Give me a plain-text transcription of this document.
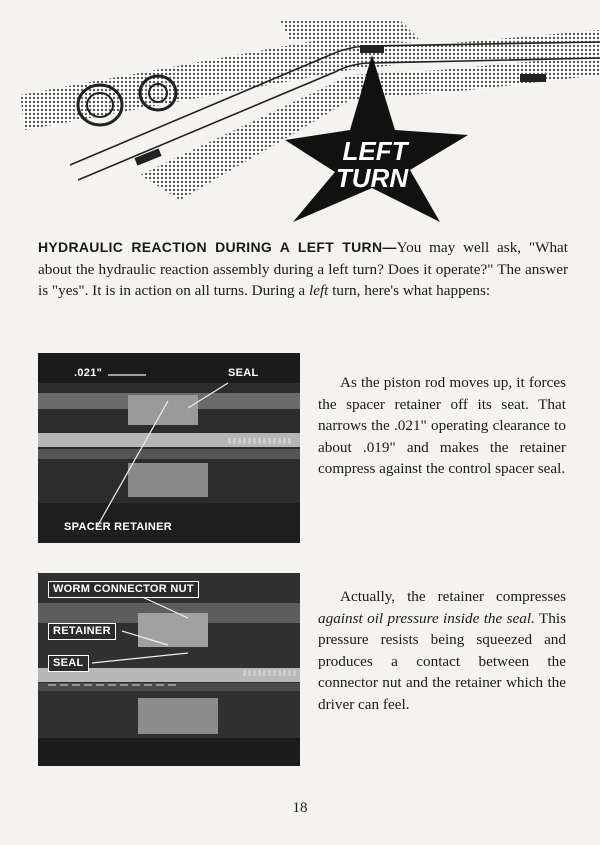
LEFT
TURN
HYDRAULIC REACTION DURING A LEFT TURN—You may well ask, "What about the hydraulic reaction assembly during a left turn? Does it operate?" The answer is "yes". It is in action on all turns. During a left turn, here's what happens:
.021"	SEAL
SPACER RETAINER

As the piston rod moves up, it forces the spacer retainer off its seat. That narrows the .021" operating clearance to about .019" and makes the retainer compress against the control spacer seal.

WORM CONNECTOR NUT
RETAINER
SEAL

Actually, the retainer compresses against oil pressure inside the seal. This pressure resists being squeezed and produces a contact between the connector nut and the retainer which the driver can feel.

18
